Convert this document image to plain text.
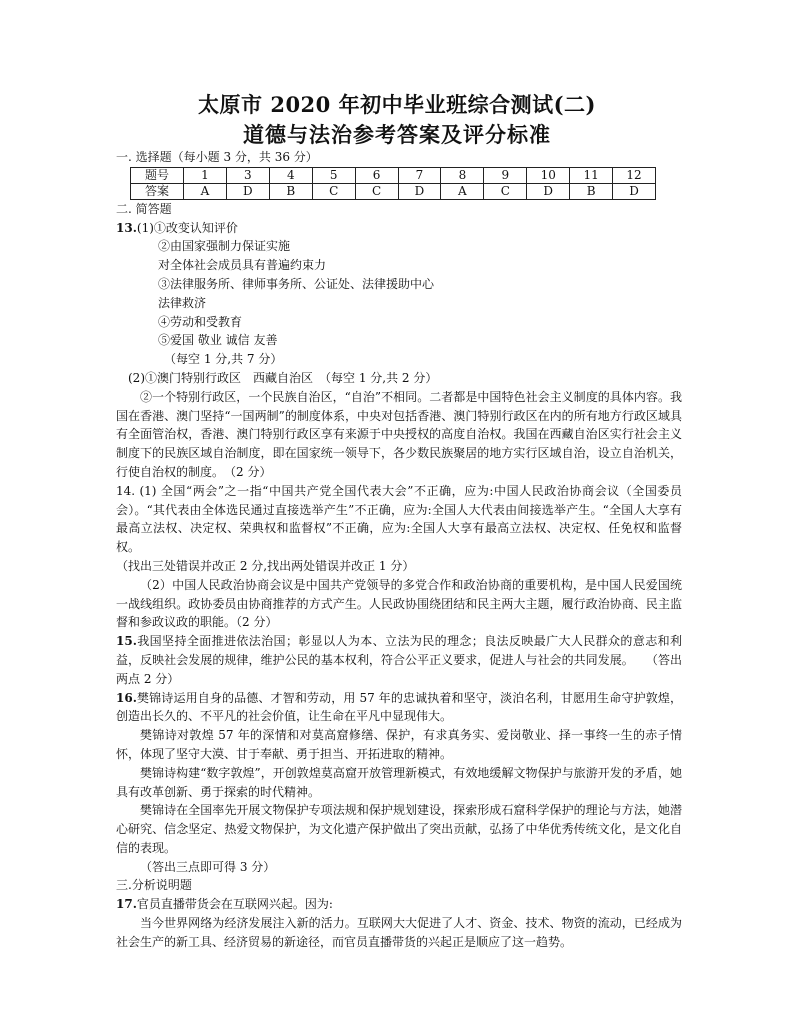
太原市 2020 年初中毕业班综合测试(二)
道德与法治参考答案及评分标准

一. 选择题（每小题 3 分，共 36 分）

题号	1	3	4	5	6	7	8	9	10	11	12
答案	A	D	B	C	C	D	A	C	D	B	D

二. 简答题

13.(1)①改变认知评价

②由国家强制力保证实施

对全体社会成员具有普遍约束力

③法律服务所、律师事务所、公证处、法律援助中心

法律救济

④劳动和受教育

⑤爱国 敬业 诚信 友善

（每空 1 分,共 7 分）

(2)①澳门特别行政区　西藏自治区　（每空 1 分,共 2 分）

②一个特别行政区，一个民族自治区，“自治”不相同。二者都是中国特色社会主义制度的具体内容。我国在香港、澳门坚持“一国两制”的制度体系，中央对包括香港、澳门特别行政区在内的所有地方行政区域具有全面管治权，香港、澳门特别行政区享有来源于中央授权的高度自治权。我国在西藏自治区实行社会主义制度下的民族区域自治制度，即在国家统一领导下，各少数民族聚居的地方实行区域自治，设立自治机关，行使自治权的制度。　（2 分）

14. (1) 全国“两会”之一指“中国共产党全国代表大会”不正确，应为:中国人民政治协商会议（全国委员会）。“其代表由全体选民通过直接选举产生”不正确，应为:全国人大代表由间接选举产生。“全国人大享有最高立法权、决定权、荣典权和监督权”不正确，应为:全国人大享有最高立法权、决定权、任免权和监督权。

（找出三处错误并改正 2 分,找出两处错误并改正 1 分）

（2）中国人民政治协商会议是中国共产党领导的多党合作和政治协商的重要机构，是中国人民爱国统一战线组织。政协委员由协商推荐的方式产生。人民政协围绕团结和民主两大主题，履行政治协商、民主监督和参政议政的职能。（2 分）

15.我国坚持全面推进依法治国；彰显以人为本、立法为民的理念；良法反映最广大人民群众的意志和利益，反映社会发展的规律，维护公民的基本权利，符合公平正义要求，促进人与社会的共同发展。　　（答出两点 2 分）

16.樊锦诗运用自身的品德、才智和劳动，用 57 年的忠诚执着和坚守，淡泊名利，甘愿用生命守护敦煌，创造出长久的、不平凡的社会价值，让生命在平凡中显现伟大。

樊锦诗对敦煌 57 年的深情和对莫高窟修缮、保护，有求真务实、爱岗敬业、择一事终一生的赤子情怀，体现了坚守大漠、甘于奉献、勇于担当、开拓进取的精神。

樊锦诗构建“数字敦煌”，开创敦煌莫高窟开放管理新模式，有效地缓解文物保护与旅游开发的矛盾，她具有改革创新、勇于探索的时代精神。

樊锦诗在全国率先开展文物保护专项法规和保护规划建设，探索形成石窟科学保护的理论与方法，她潜心研究、信念坚定、热爱文物保护，为文化遗产保护做出了突出贡献，弘扬了中华优秀传统文化，是文化自信的表现。

（答出三点即可得 3 分）

三.分析说明题

17.官员直播带货会在互联网兴起。因为:

当今世界网络为经济发展注入新的活力。互联网大大促进了人才、资金、技术、物资的流动，已经成为社会生产的新工具、经济贸易的新途径，而官员直播带货的兴起正是顺应了这一趋势。
